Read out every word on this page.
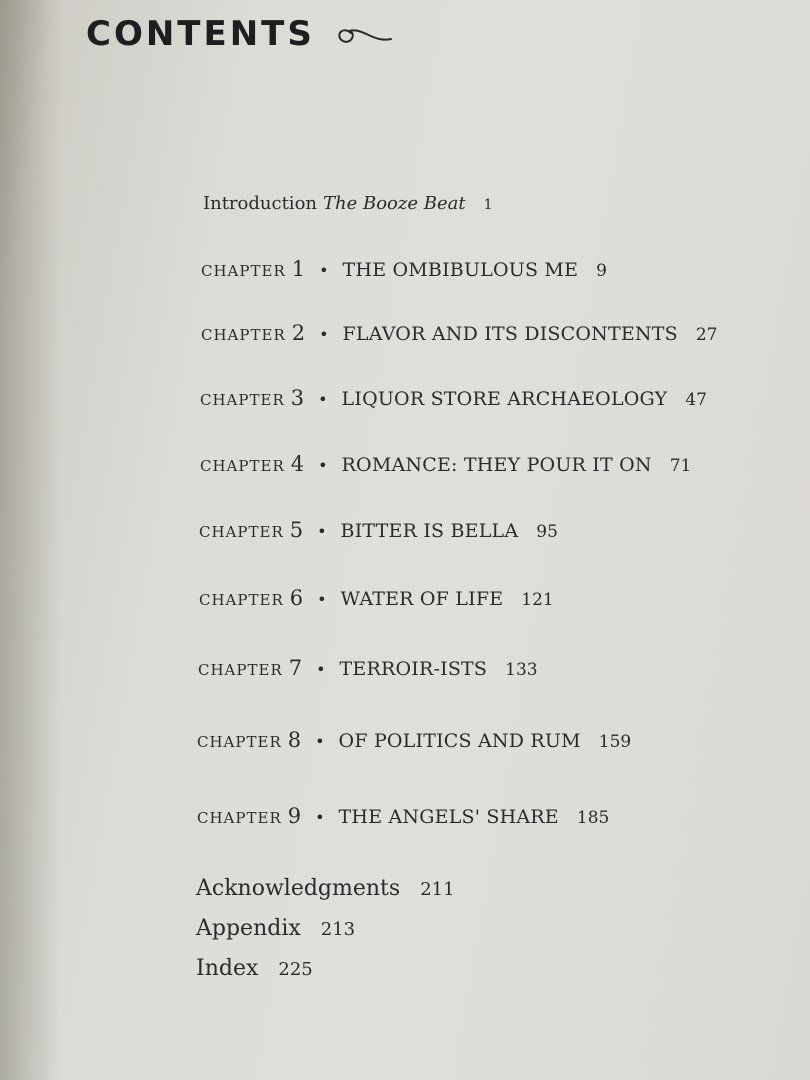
CONTENTS
Introduction The Booze Beat 1
CHAPTER 1 • THE OMBIBULOUS ME 9
CHAPTER 2 • FLAVOR AND ITS DISCONTENTS 27
CHAPTER 3 • LIQUOR STORE ARCHAEOLOGY 47
CHAPTER 4 • ROMANCE: THEY POUR IT ON 71
CHAPTER 5 • BITTER IS BELLA 95
CHAPTER 6 • WATER OF LIFE 121
CHAPTER 7 • TERROIR-ISTS 133
CHAPTER 8 • OF POLITICS AND RUM 159
CHAPTER 9 • THE ANGELS' SHARE 185
Acknowledgments 211
Appendix 213
Index 225
